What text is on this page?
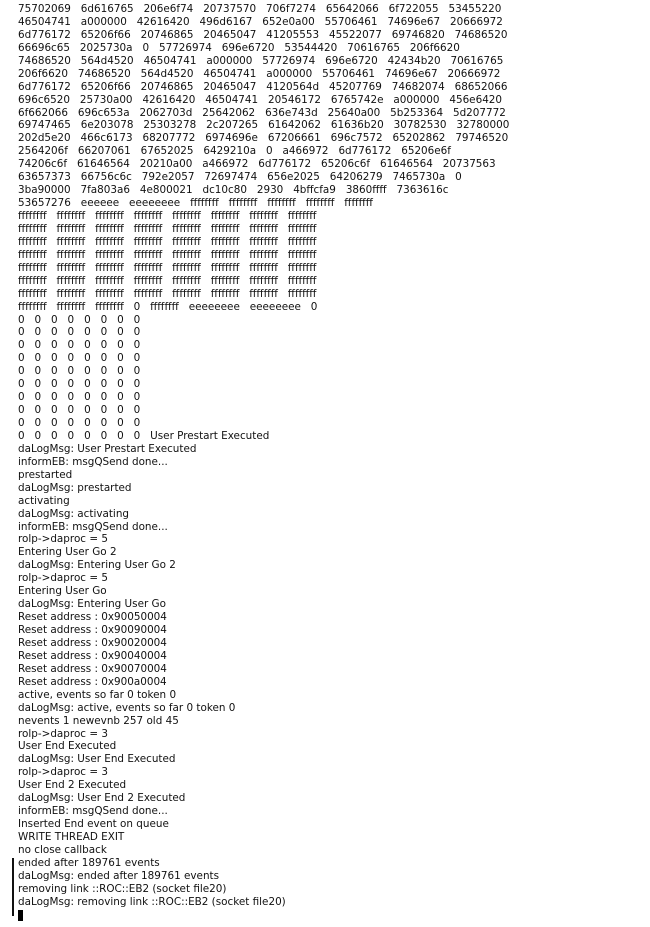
75702069   6d616765   206e6f74   20737570   706f7274   65642066   6f722055   53455220
46504741   a000000   42616420   496d6167   652e0a00   55706461   74696e67   20666972
6d776172   65206f66   20746865   20465047   41205553   45522077   69746820   74686520
66696c65   2025730a   0   57726974   696e6720   53544420   70616765   206f6620
74686520   564d4520   46504741   a000000   57726974   696e6720   42434b20   70616765
206f6620   74686520   564d4520   46504741   a000000   55706461   74696e67   20666972
6d776172   65206f66   20746865   20465047   4120564d   45207769   74682074   68652066
696c6520   25730a00   42616420   46504741   20546172   6765742e   a000000   456e6420
6f662066   696c653a   2062703d   25642062   636e743d   25640a00   5b253364   5d207772
69747465   6e203078   25303278   2c207265   61642062   61636b20   30782530   32780000
202d5e20   466c6173   68207772   6974696e   67206661   696c7572   65202862   79746520
2564206f   66207061   67652025   6429210a   0   a466972   6d776172   65206e6f
74206c6f   61646564   20210a00   a466972   6d776172   65206c6f   61646564   20737563
63657373   66756c6c   792e2057   72697474   656e2025   64206279   7465730a   0
3ba90000   7fa803a6   4e800021   dc10c80   2930   4bffcfa9   3860ffff   7363616c
53657276   eeeeee   eeeeeeee   ffffffff   ffffffff   ffffffff   ffffffff   ffffffff
ffffffff   ffffffff   ffffffff   ffffffff   ffffffff   ffffffff   ffffffff   ffffffff
ffffffff   ffffffff   ffffffff   ffffffff   ffffffff   ffffffff   ffffffff   ffffffff
ffffffff   ffffffff   ffffffff   ffffffff   ffffffff   ffffffff   ffffffff   ffffffff
ffffffff   ffffffff   ffffffff   ffffffff   ffffffff   ffffffff   ffffffff   ffffffff
ffffffff   ffffffff   ffffffff   ffffffff   ffffffff   ffffffff   ffffffff   ffffffff
ffffffff   ffffffff   ffffffff   ffffffff   ffffffff   ffffffff   ffffffff   ffffffff
ffffffff   ffffffff   ffffffff   ffffffff   ffffffff   ffffffff   ffffffff   ffffffff
ffffffff   ffffffff   ffffffff   0   ffffffff   eeeeeeee   eeeeeeee   0
0   0   0   0   0   0   0   0
0   0   0   0   0   0   0   0
0   0   0   0   0   0   0   0
0   0   0   0   0   0   0   0
0   0   0   0   0   0   0   0
0   0   0   0   0   0   0   0
0   0   0   0   0   0   0   0
0   0   0   0   0   0   0   0
0   0   0   0   0   0   0   0
0   0   0   0   0   0   0   0   User Prestart Executed
daLogMsg: User Prestart Executed
informEB: msgQSend done...
prestarted
daLogMsg: prestarted
activating
daLogMsg: activating
informEB: msgQSend done...
rolp->daproc = 5
Entering User Go 2
daLogMsg: Entering User Go 2
rolp->daproc = 5
Entering User Go
daLogMsg: Entering User Go
Reset address : 0x90050004
Reset address : 0x90090004
Reset address : 0x90020004
Reset address : 0x90040004
Reset address : 0x90070004
Reset address : 0x900a0004
active, events so far 0 token 0
daLogMsg: active, events so far 0 token 0
nevents 1 newevnb 257 old 45
rolp->daproc = 3
User End Executed
daLogMsg: User End Executed
rolp->daproc = 3
User End 2 Executed
daLogMsg: User End 2 Executed
informEB: msgQSend done...
Inserted End event on queue
WRITE THREAD EXIT
no close callback
ended after 189761 events
daLogMsg: ended after 189761 events
removing link ::ROC::EB2 (socket file20)
daLogMsg: removing link ::ROC::EB2 (socket file20)
